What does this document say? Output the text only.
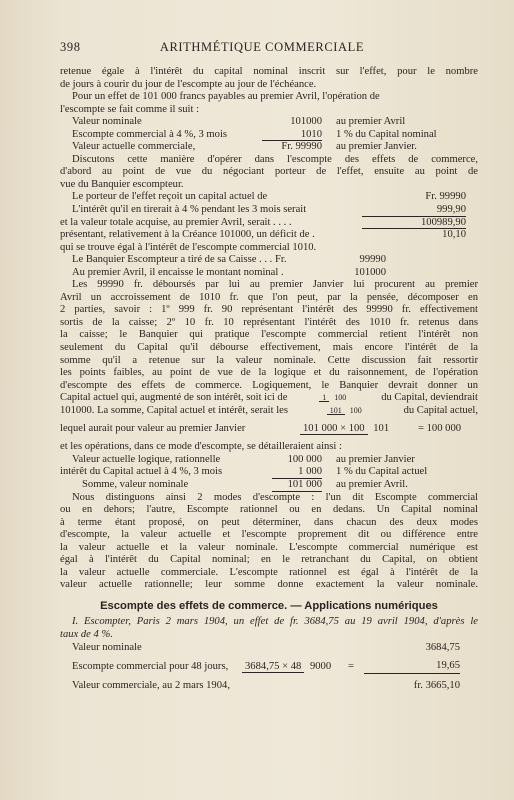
398	ARITHMÉTIQUE COMMERCIALE
retenue égale à l'intérêt du capital nominal inscrit sur l'effet, pour le nombre
de jours à courir du jour de l'escompte au jour de l'échéance.
Pour un effet de 101 000 francs payables au premier Avril, l'opération de
l'escompte se fait comme il suit :
Valeur nominale	101000	au premier Avril
Escompte commercial à 4 %, 3 mois	1010	1 % du Capital nominal
Valeur actuelle commerciale,	Fr. 99990	au premier Janvier.
Discutons cette manière d'opérer dans l'escompte des effets de commerce,
d'abord au point de vue du négociant porteur de l'effet, ensuite au point de
vue du Banquier escompteur.
Le porteur de l'effet reçoit un capital actuel de	Fr. 99990
L'intérêt qu'il en tirerait à 4 % pendant les 3 mois serait	999,90
et la valeur totale acquise, au premier Avril, serait . . . .	100989,90
présentant, relativement à la Créance 101000, un déficit de .	10,10
qui se trouve égal à l'intérêt de l'escompte commercial 1010.
Le Banquier Escompteur a tiré de sa Caisse . . . Fr.	99990
Au premier Avril, il encaisse le montant nominal .	101000
Les 99990 fr. déboursés par lui au premier Janvier lui procurent au premier
Avril un accroissement de 1010 fr. que l'on peut, par la pensée, décomposer en
2 parties, savoir : 1º 999 fr. 90 représentant l'intérêt des 99990 fr. effectivement
sortis de la caisse; 2º 10 fr. 10 représentant l'intérêt des 1010 fr. retenus dans
la caisse; le Banquier qui pratique l'escompte commercial retient l'intérêt non
seulement du Capital qu'il débourse effectivement, mais encore l'intérêt de la
somme qu'il a retenue sur la valeur nominale. Cette discussion fait ressortir
les points faibles, au point de vue de la logique et du raisonnement, de l'opération
d'escompte des effets de commerce. Logiquement, le Banquier devrait donner un
Capital actuel qui, augmenté de son intérêt, soit ici de	1 100	du Capital, deviendrait
101000. La somme, Capital actuel et intérêt, serait les	101 100	du Capital actuel,
lequel aurait pour valeur au premier Janvier	101 000 × 100 101	= 100 000
et les opérations, dans ce mode d'escompte, se détailleraient ainsi :
Valeur actuelle logique, rationnelle	100 000	au premier Janvier
intérêt du Capital actuel à 4 %, 3 mois	1 000	1 % du Capital actuel
Somme, valeur nominale	101 000	au premier Avril.
Nous distinguons ainsi 2 modes d'escompte : l'un dit Escompte commercial
ou en dehors; l'autre, Escompte rationnel ou en dedans. Un Capital nominal
à terme étant proposé, on peut déterminer, dans chacun des deux modes
d'escompte, la valeur actuelle et l'escompte proprement dit ou différence entre
la valeur actuelle et la valeur nominale. L'escompte commercial numérique est
égal à l'intérêt du Capital nominal; en le retranchant du Capital, on obtient
la valeur actuelle commerciale. L'escompte rationnel est égal à l'intérêt de la
valeur actuelle rationnelle; leur somme donne exactement la valeur nominale.
Escompte des effets de commerce. — Applications numériques
I. Escompter, Paris 2 mars 1904, un effet de fr. 3684,75 au 19 avril 1904, d'après le
taux de 4 %.
Valeur nominale	3684,75
Escompte commercial pour 48 jours,	3684,75 × 48 9000	=	19,65
Valeur commerciale, au 2 mars 1904,	fr. 3665,10
